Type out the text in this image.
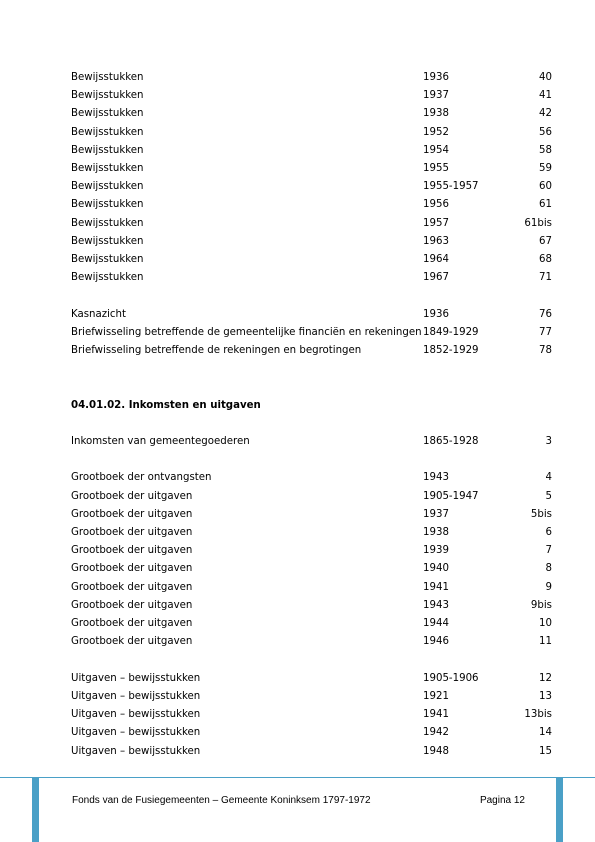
Bewijsstukken	1936	40
Bewijsstukken	1937	41
Bewijsstukken	1938	42
Bewijsstukken	1952	56
Bewijsstukken	1954	58
Bewijsstukken	1955	59
Bewijsstukken	1955-1957	60
Bewijsstukken	1956	61
Bewijsstukken	1957	61bis
Bewijsstukken	1963	67
Bewijsstukken	1964	68
Bewijsstukken	1967	71
Kasnazicht	1936	76
Briefwisseling betreffende de gemeentelijke financiën en rekeningen 1849-1929	77
Briefwisseling betreffende de rekeningen en begrotingen	1852-1929	78
04.01.02. Inkomsten en uitgaven
Inkomsten van gemeentegoederen	1865-1928	3
Grootboek der ontvangsten	1943	4
Grootboek der uitgaven	1905-1947	5
Grootboek der uitgaven	1937	5bis
Grootboek der uitgaven	1938	6
Grootboek der uitgaven	1939	7
Grootboek der uitgaven	1940	8
Grootboek der uitgaven	1941	9
Grootboek der uitgaven	1943	9bis
Grootboek der uitgaven	1944	10
Grootboek der uitgaven	1946	11
Uitgaven – bewijsstukken	1905-1906	12
Uitgaven – bewijsstukken	1921	13
Uitgaven – bewijsstukken	1941	13bis
Uitgaven – bewijsstukken	1942	14
Uitgaven – bewijsstukken	1948	15
Fonds van de Fusiegemeenten – Gemeente Koninksem 1797-1972	Pagina 12
